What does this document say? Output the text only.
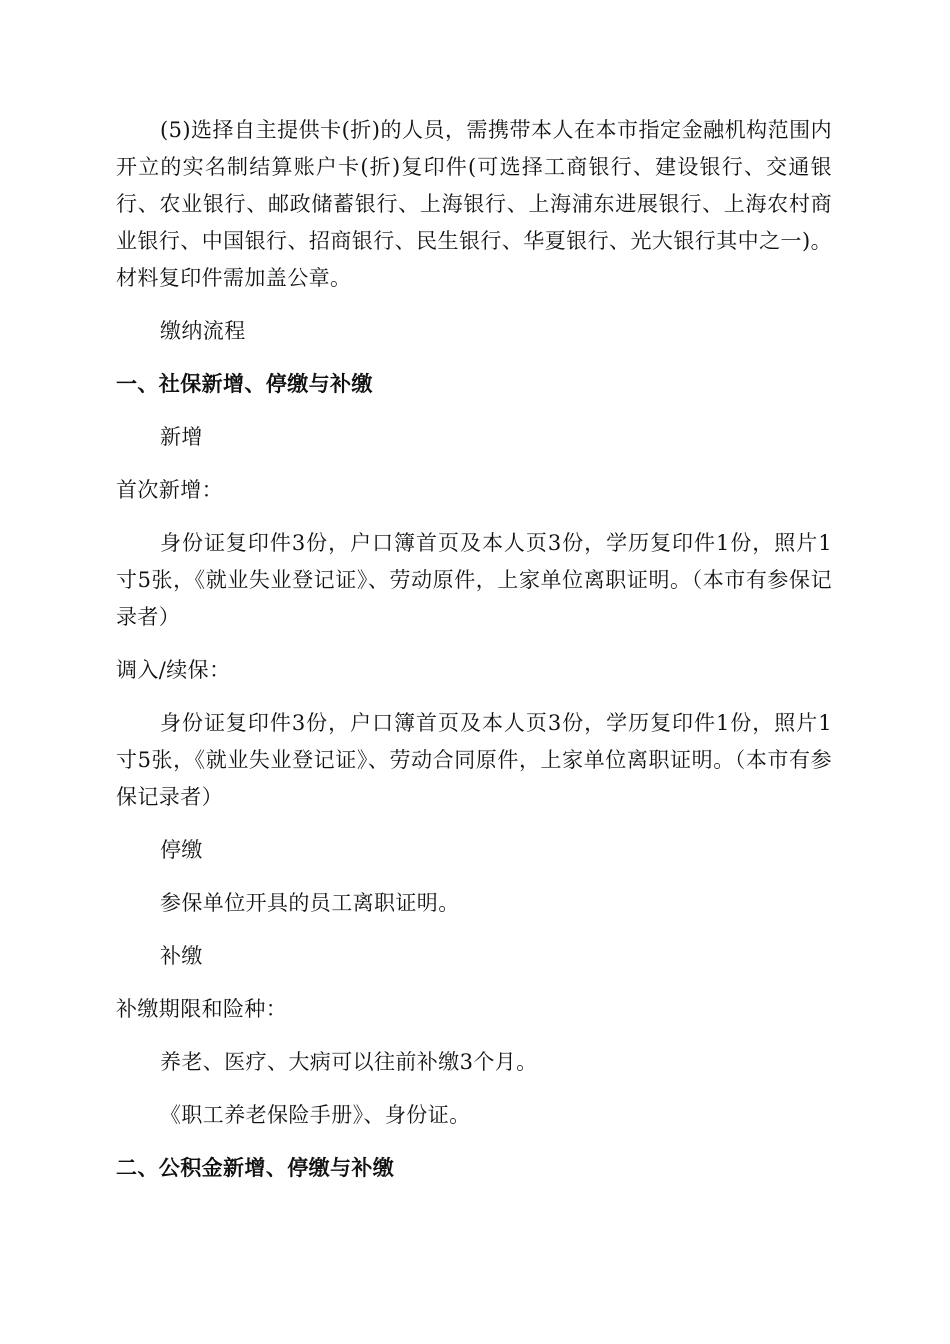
(5)选择自主提供卡(折)的人员，需携带本人在本市指定金融机构范围内开立的实名制结算账户卡(折)复印件(可选择工商银行、建设银行、交通银行、农业银行、邮政储蓄银行、上海银行、上海浦东进展银行、上海农村商业银行、中国银行、招商银行、民生银行、华夏银行、光大银行其中之一)。材料复印件需加盖公章。

缴纳流程

一、社保新增、停缴与补缴

新增

首次新增：

身份证复印件3份，户口簿首页及本人页3份，学历复印件1份，照片1寸5张，《就业失业登记证》、劳动原件，上家单位离职证明。（本市有参保记录者）

调入/续保：

身份证复印件3份，户口簿首页及本人页3份，学历复印件1份，照片1寸5张，《就业失业登记证》、劳动合同原件，上家单位离职证明。（本市有参保记录者）

停缴

参保单位开具的员工离职证明。

补缴

补缴期限和险种：

养老、医疗、大病可以往前补缴3个月。

《职工养老保险手册》、身份证。

二、公积金新增、停缴与补缴
